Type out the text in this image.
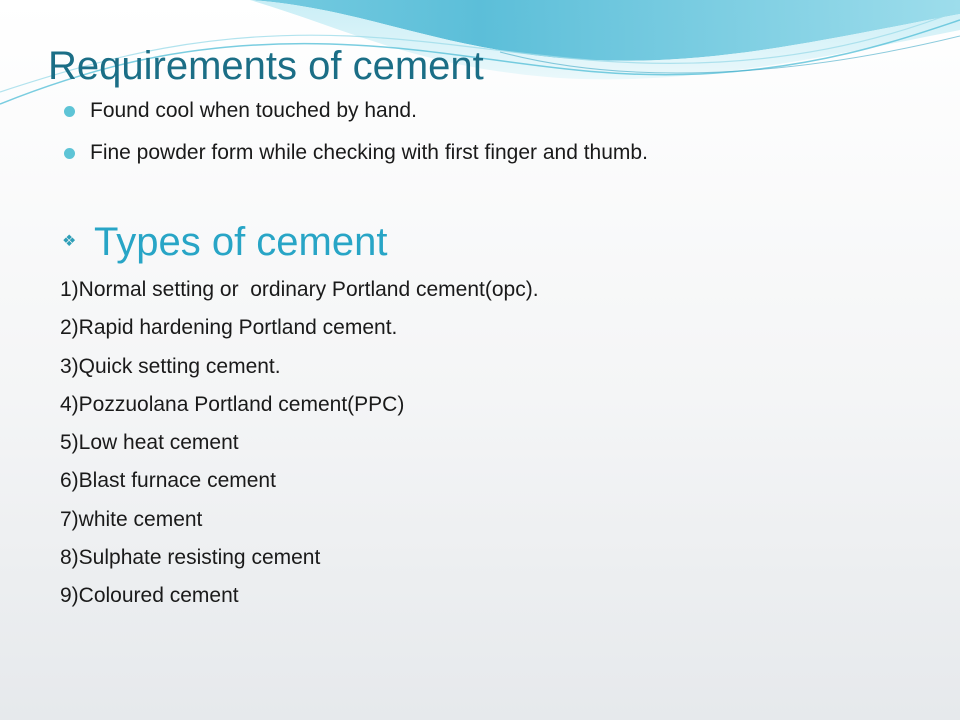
Requirements of cement
Found cool when touched by hand.
Fine powder form while checking with first finger and thumb.
❖ Types of cement
1)Normal setting or  ordinary Portland cement(opc).
2)Rapid hardening Portland cement.
3)Quick setting cement.
4)Pozzuolana Portland cement(PPC)
5)Low heat cement
6)Blast furnace cement
7)white cement
8)Sulphate resisting cement
9)Coloured cement
